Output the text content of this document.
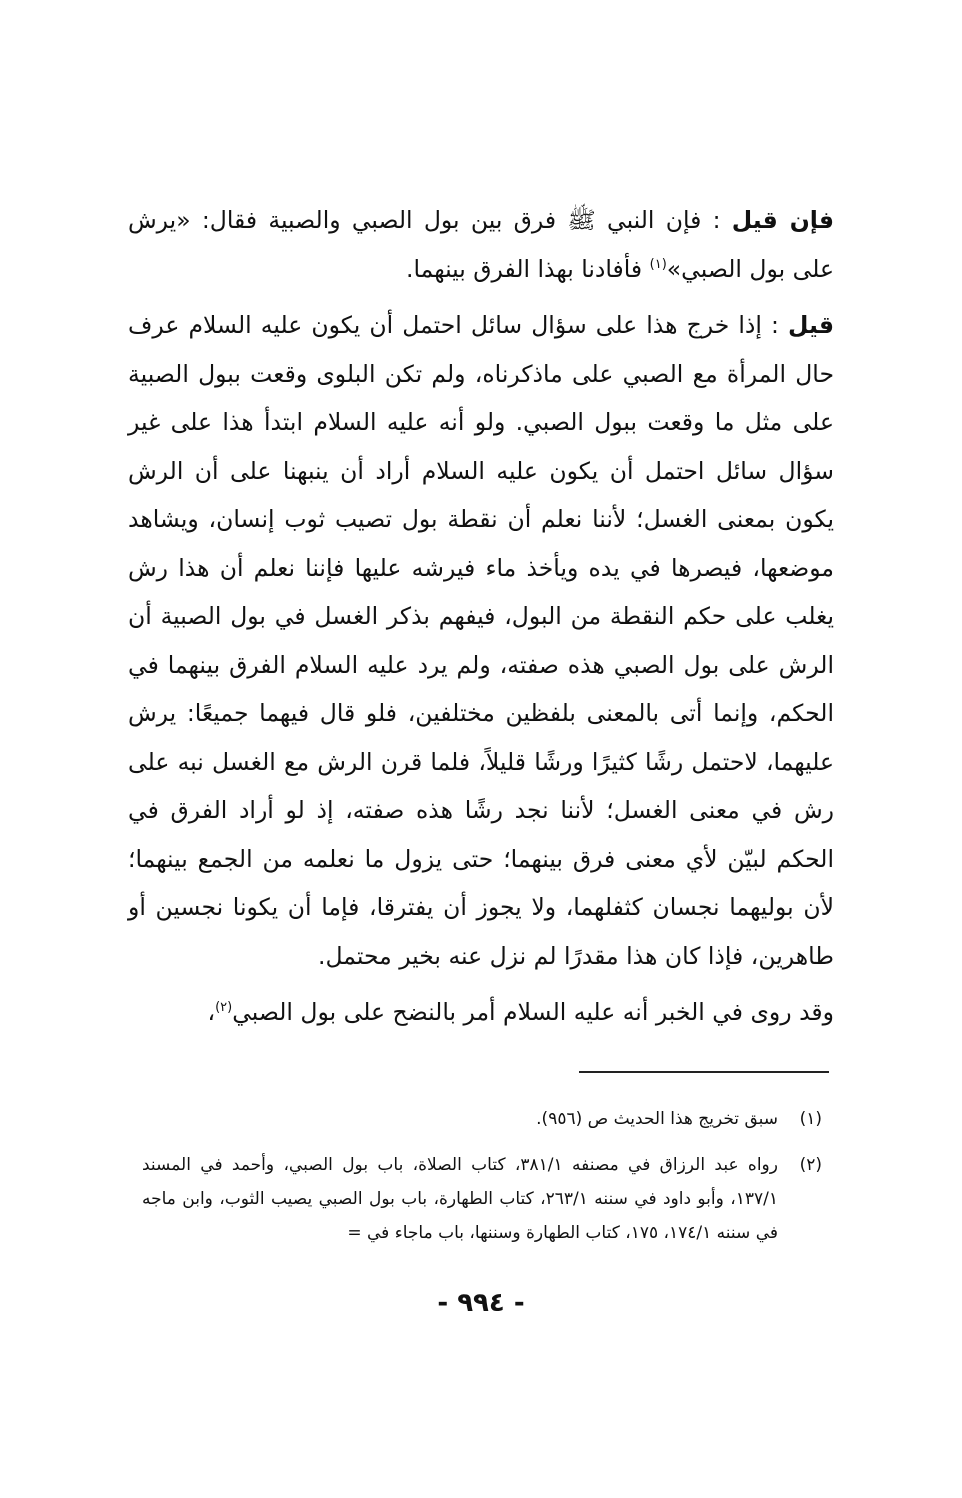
فإن قيل : فإن النبي ﷺ فرق بين بول الصبي والصبية فقال: «يرش على بول الصبي»$^{(١)}$ فأفادنا بهذا الفرق بينهما.

قيل : إذا خرج هذا على سؤال سائل احتمل أن يكون عليه السلام عرف حال المرأة مع الصبي على ماذكرناه، ولم تكن البلوى وقعت ببول الصبية على مثل ما وقعت ببول الصبي. ولو أنه عليه السلام ابتدأ هذا على غير سؤال سائل احتمل أن يكون عليه السلام أراد أن ينبهنا على أن الرش يكون بمعنى الغسل؛ لأننا نعلم أن نقطة بول تصيب ثوب إنسان، ويشاهد موضعها، فيصرها في يده ويأخذ ماء فيرشه عليها فإننا نعلم أن هذا رش يغلب على حكم النقطة من البول، فيفهم بذكر الغسل في بول الصبية أن الرش على بول الصبي هذه صفته، ولم يرد عليه السلام الفرق بينهما في الحكم، وإنما أتى بالمعنى بلفظين مختلفين، فلو قال فيهما جميعًا: يرش عليهما، لاحتمل رشًا كثيرًا ورشًا قليلاً، فلما قرن الرش مع الغسل نبه على رش في معنى الغسل؛ لأننا نجد رشًا هذه صفته، إذ لو أراد الفرق في الحكم لبيّن لأي معنى فرق بينهما؛ حتى يزول ما نعلمه من الجمع بينهما؛ لأن بوليهما نجسان كثفلهما، ولا يجوز أن يفترقا، فإما أن يكونا نجسين أو طاهرين، فإذا كان هذا مقدرًا لم نزل عنه بخير محتمل.

وقد روى في الخبر أنه عليه السلام أمر بالنضح على بول الصبي$^{(٢)}$،

(١)
سبق تخريج هذا الحديث ص (٩٥٦).
(٢)
رواه عبد الرزاق في مصنفه ٣٨١/١، كتاب الصلاة، باب بول الصبي، وأحمد في المسند ١٣٧/١، وأبو داود في سننه ٢٦٣/١، كتاب الطهارة، باب بول الصبي يصيب الثوب، وابن ماجه في سننه ١٧٤/١، ١٧٥، كتاب الطهارة وسننها، باب ماجاء في =
- ٩٩٤ -
